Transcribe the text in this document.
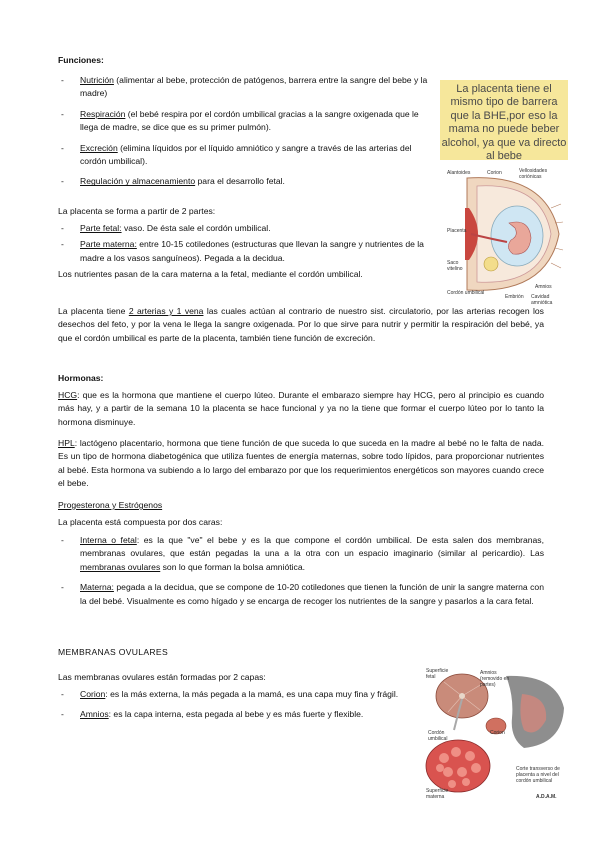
Funciones:

- Nutrición (alimentar al bebe, protección de patógenos, barrera entre la sangre del bebe y la madre)
- Respiración (el bebé respira por el cordón umbilical gracias a la sangre oxigenada que le llega de madre, se dice que es su primer pulmón).
- Excreción (elimina líquidos por el líquido amniótico y sangre a través de las arterias del cordón umbilical).
- Regulación y almacenamiento para el desarrollo fetal.
La placenta tiene el mismo tipo de barrera que la BHE,por eso la mama no puede beber alcohol, ya que va directo al bebe
Alantoides	Corion	Vellosidades coriónicas
Placenta
Saco vitelino
Cordón umbilical
Embrión
Amnios
Cavidad amniótica

La placenta se forma a partir de 2 partes:

- Parte fetal: vaso. De ésta sale el cordón umbilical.
- Parte materna: entre 10-15 cotiledones (estructuras que llevan la sangre y nutrientes de la madre a los vasos sanguíneos). Pegada a la decidua.

Los nutrientes pasan de la cara materna a la fetal, mediante el cordón umbilical.

La placenta tiene 2 arterias y 1 vena las cuales actúan al contrario de nuestro sist. circulatorio, por las arterias recogen los desechos del feto, y por la vena le llega la sangre oxigenada. Por lo que sirve para nutrir y permitir la respiración del bebé, ya que el cordón umbilical es parte de la placenta, también tiene función de excreción.

Hormonas:

HCG: que es la hormona que mantiene el cuerpo lúteo. Durante el embarazo siempre hay HCG, pero al principio es cuando más hay, y a partir de la semana 10 la placenta se hace funcional y ya no la tiene que formar el cuerpo lúteo por lo tanto la hormona disminuye.

HPL: lactógeno placentario, hormona que tiene función de que suceda lo que suceda en la madre al bebé no le falta de nada. Es un tipo de hormona diabetogénica que utiliza fuentes de energía maternas, sobre todo lípidos, para proporcionar nutrientes al bebé. Esta hormona va subiendo a lo largo del embarazo por que los requerimientos energéticos son mayores cuando crece el bebe.

Progesterona y Estrógenos

La placenta está compuesta por dos caras:

- Interna o fetal: es la que "ve" el bebe y es la que compone el cordón umbilical. De esta salen dos membranas, membranas ovulares, que están pegadas la una a la otra con un espacio imaginario (similar al pericardio). Las membranas ovulares son lo que forman la bolsa amniótica.
- Materna: pegada a la decidua, que se compone de 10-20 cotiledones que tienen la función de unir la sangre materna con la del bebé. Visualmente es como hígado y se encarga de recoger los nutrientes de la sangre y pasarlos a la cara fetal.

MEMBRANAS OVULARES

Las membranas ovulares están formadas por 2 capas:

- Corion: es la más externa, la más pegada a la mamá, es una capa muy fina y frágil.
- Amnios: es la capa interna, esta pegada al bebe y es más fuerte y flexible.
Superficie fetal
Amnios (removido en partes)
Corion
Cordón umbilical
Corte transverso de placenta a nivel del cordón umbilical
Superficie materna	A.D.A.M.
